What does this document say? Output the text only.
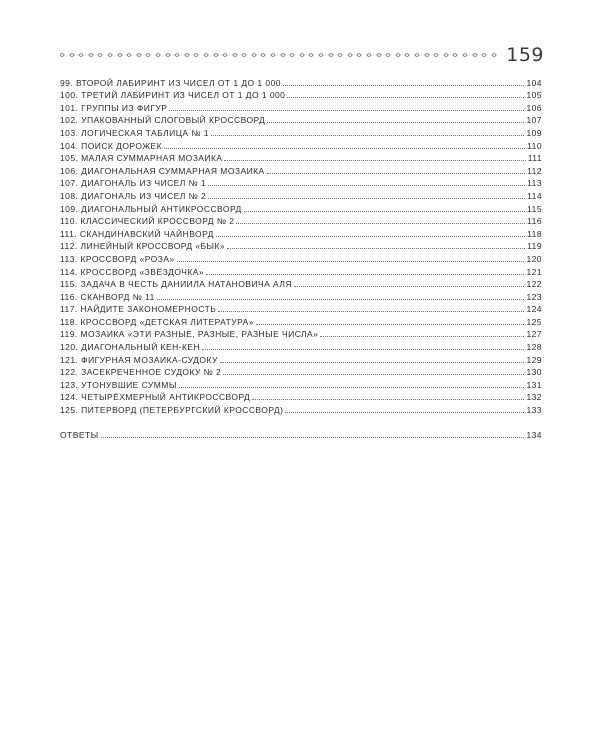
159
99. ВТОРОЙ ЛАБИРИНТ ИЗ ЧИСЕЛ ОТ 1 ДО 1 000	104
100. ТРЕТИЙ ЛАБИРИНТ ИЗ ЧИСЕЛ ОТ 1 ДО 1 000	105
101. ГРУППЫ ИЗ ФИГУР	106
102. УПАКОВАННЫЙ СЛОГОВЫЙ КРОССВОРД	107
103. ЛОГИЧЕСКАЯ ТАБЛИЦА № 1	109
104. ПОИСК ДОРОЖЕК	110
105. МАЛАЯ СУММАРНАЯ МОЗАИКА	111
106. ДИАГОНАЛЬНАЯ СУММАРНАЯ МОЗАИКА	112
107. ДИАГОНАЛЬ ИЗ ЧИСЕЛ № 1	113
108. ДИАГОНАЛЬ ИЗ ЧИСЕЛ № 2	114
109. ДИАГОНАЛЬНЫЙ АНТИКРОССВОРД	115
110. КЛАССИЧЕСКИЙ КРОССВОРД № 2	116
111. СКАНДИНАВСКИЙ ЧАЙНВОРД	118
112. ЛИНЕЙНЫЙ КРОССВОРД «БЫК»	119
113. КРОССВОРД «РОЗА»	120
114. КРОССВОРД «ЗВЁЗДОЧКА»	121
115. ЗАДАЧА В ЧЕСТЬ ДАНИИЛА НАТАНОВИЧА АЛЯ	122
116. СКАНВОРД № 11	123
117. НАЙДИТЕ ЗАКОНОМЕРНОСТЬ	124
118. КРОССВОРД «ДЕТСКАЯ ЛИТЕРАТУРА»	125
119. МОЗАИКА «ЭТИ РАЗНЫЕ, РАЗНЫЕ, РАЗНЫЕ ЧИСЛА»	127
120. ДИАГОНАЛЬНЫЙ КЕН-КЕН	128
121. ФИГУРНАЯ МОЗАИКА-СУДОКУ	129
122. ЗАСЕКРЕЧЕННОЕ СУДОКУ № 2	130
123. УТОНУВШИЕ СУММЫ	131
124. ЧЕТЫРЁХМЕРНЫЙ АНТИКРОССВОРД	132
125. ПИТЕРВОРД (ПЕТЕРБУРГСКИЙ КРОССВОРД)	133
ОТВЕТЫ	134
